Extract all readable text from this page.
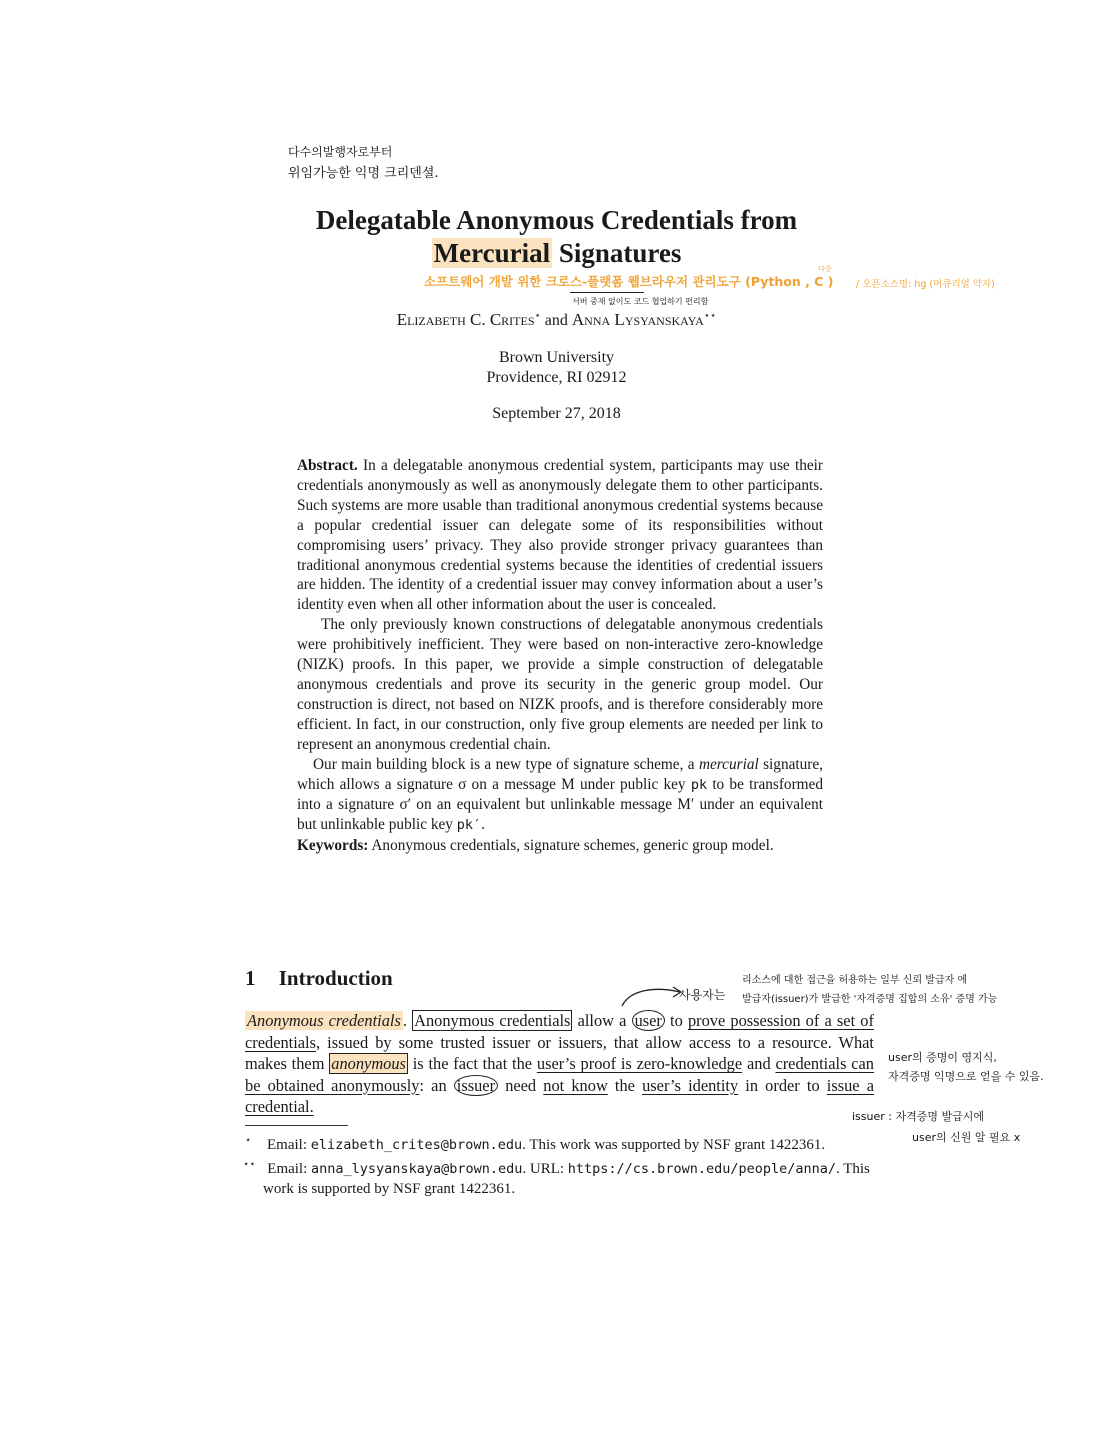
다수의발행자로부터
위임가능한 익명 크리덴셜.
Delegatable Anonymous Credentials from
Mercurial Signatures
소프트웨어 개발 위한 크로스-플랫폼 웹브라우저 관리도구 (Python , C )
다중
/ 오픈소스명: hg (머큐리얼 약자)
서버 중재 없이도 코드 협업하기 편리함
Elizabeth C. Crites⋆ and Anna Lysyanskaya⋆⋆
Brown University
Providence, RI 02912
September 27, 2018

Abstract. In a delegatable anonymous credential system, participants may use their credentials anonymously as well as anonymously delegate them to other participants. Such systems are more usable than traditional anonymous credential systems because a popular credential issuer can delegate some of its responsibilities without compromising users’ privacy. They also provide stronger privacy guarantees than traditional anonymous credential systems because the identities of credential issuers are hidden. The identity of a credential issuer may convey information about a user’s identity even when all other information about the user is concealed.

The only previously known constructions of delegatable anonymous credentials were prohibitively inefficient. They were based on non-interactive zero-knowledge (NIZK) proofs. In this paper, we provide a simple construction of delegatable anonymous credentials and prove its security in the generic group model. Our construction is direct, not based on NIZK proofs, and is therefore considerably more efficient. In fact, in our construction, only five group elements are needed per link to represent an anonymous credential chain.

Our main building block is a new type of signature scheme, a mercurial signature, which allows a signature σ on a message M under public key pk to be transformed into a signature σ′ on an equivalent but unlinkable message M′ under an equivalent but unlinkable public key pk′.

Keywords: Anonymous credentials, signature schemes, generic group model.

1 Introduction	리소스에 대한 접근을 허용하는 일부 신뢰 발급자 에
발급자(issuer)가 발급한 '자격증명 집합의 소유' 증명 가능
사용자는
Anonymous credentials . Anonymous credentials allow a user to prove possession of a set of credentials, issued by some trusted issuer or issuers, that allow access to a resource. What makes them anonymous is the fact that the user’s proof is zero-knowledge and credentials can be obtained anonymously: an issuer need not know the user’s identity in order to issue a credential.
user의 증명이 영지식,
자격증명 익명으로 얻을 수 있음.
issuer : 자격증명 발급시에
user의 신원 알 필요 x

⋆ Email: elizabeth_crites@brown.edu. This work was supported by NSF grant 1422361.

⋆⋆ Email: anna_lysyanskaya@brown.edu. URL: https://cs.brown.edu/people/anna/. This work is supported by NSF grant 1422361.
